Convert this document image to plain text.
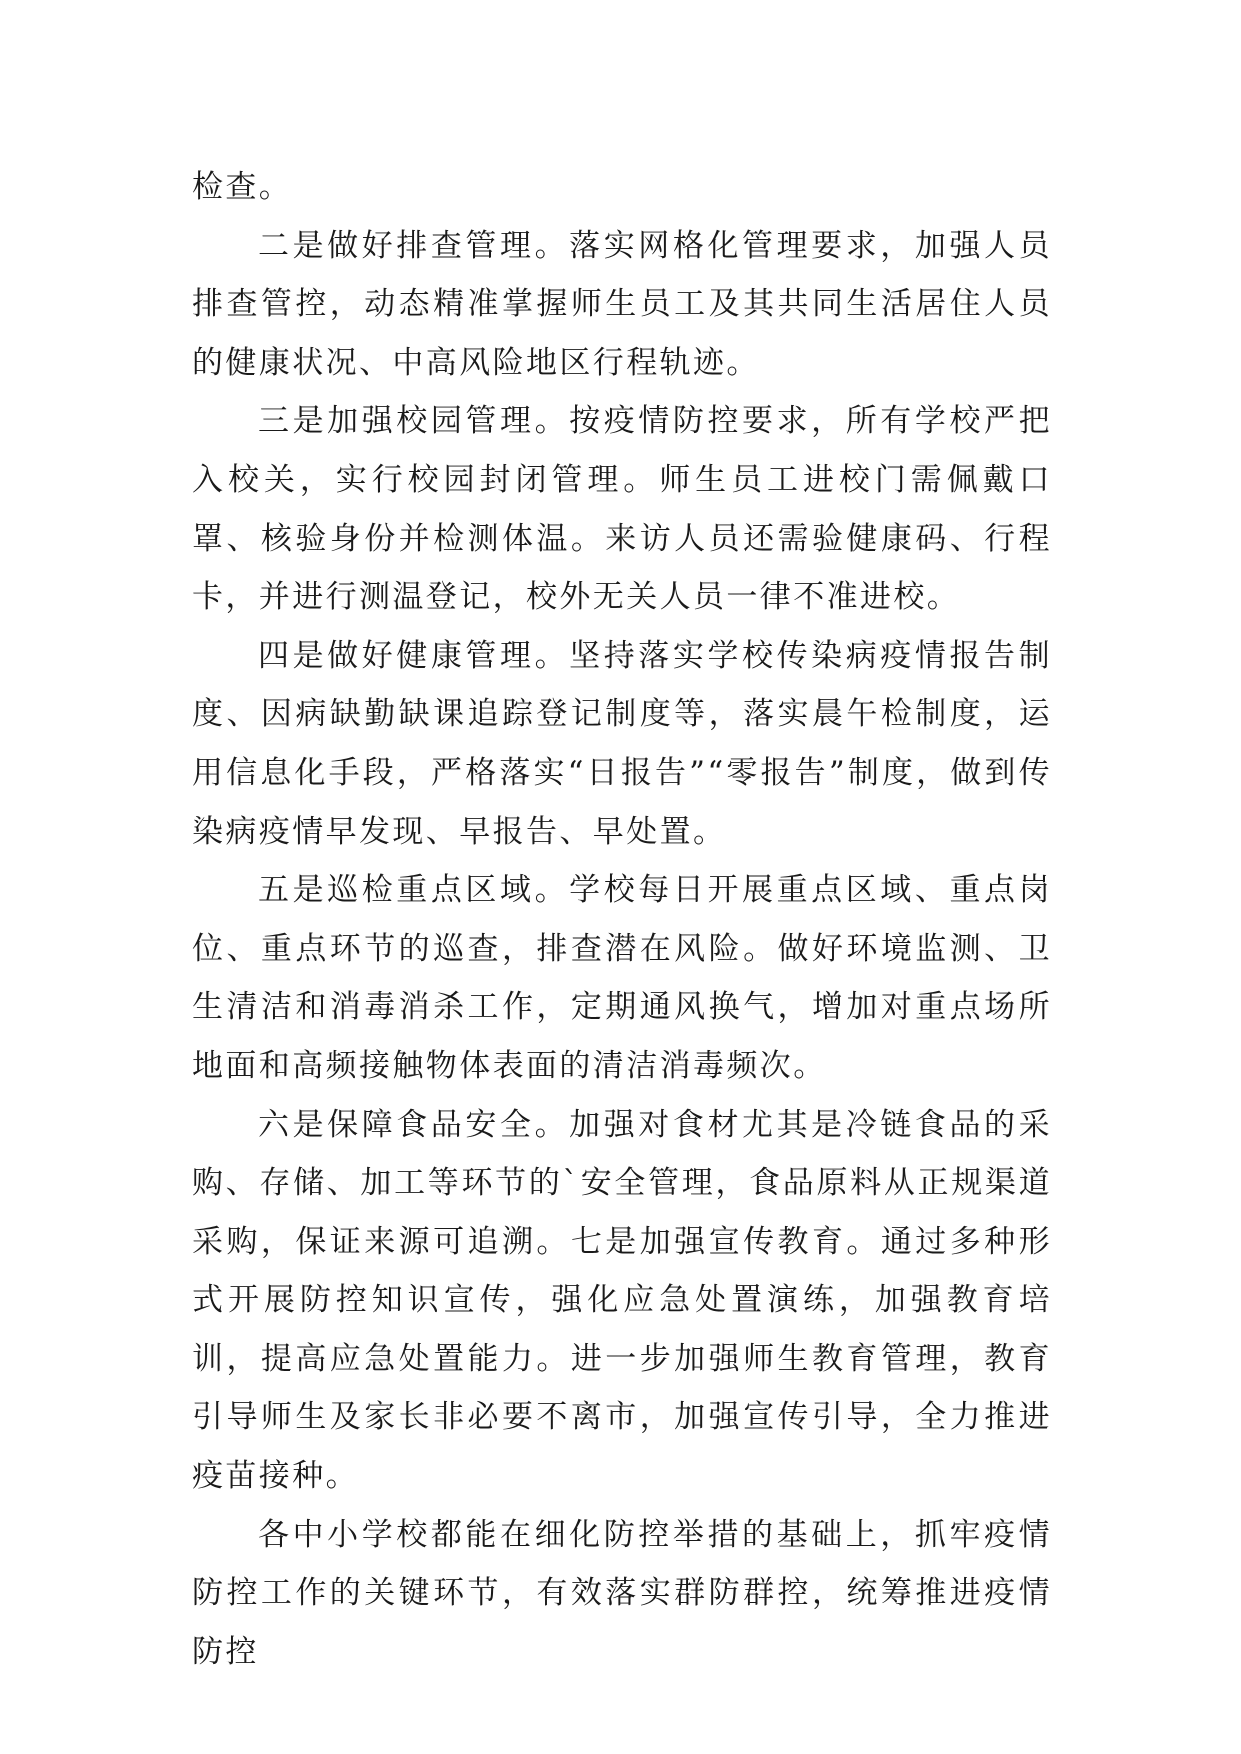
检查。

二是做好排查管理。落实网格化管理要求，加强人员排查管控，动态精准掌握师生员工及其共同生活居住人员的健康状况、中高风险地区行程轨迹。

三是加强校园管理。按疫情防控要求，所有学校严把入校关，实行校园封闭管理。师生员工进校门需佩戴口罩、核验身份并检测体温。来访人员还需验健康码、行程卡，并进行测温登记，校外无关人员一律不准进校。

四是做好健康管理。坚持落实学校传染病疫情报告制度、因病缺勤缺课追踪登记制度等，落实晨午检制度，运用信息化手段，严格落实“日报告”“零报告”制度，做到传染病疫情早发现、早报告、早处置。

五是巡检重点区域。学校每日开展重点区域、重点岗位、重点环节的巡查，排查潜在风险。做好环境监测、卫生清洁和消毒消杀工作，定期通风换气，增加对重点场所地面和高频接触物体表面的清洁消毒频次。

六是保障食品安全。加强对食材尤其是冷链食品的采购、存储、加工等环节的`安全管理，食品原料从正规渠道采购，保证来源可追溯。七是加强宣传教育。通过多种形式开展防控知识宣传，强化应急处置演练，加强教育培训，提高应急处置能力。进一步加强师生教育管理，教育引导师生及家长非必要不离市，加强宣传引导，全力推进疫苗接种。

各中小学校都能在细化防控举措的基础上，抓牢疫情防控工作的关键环节，有效落实群防群控，统筹推进疫情防控
